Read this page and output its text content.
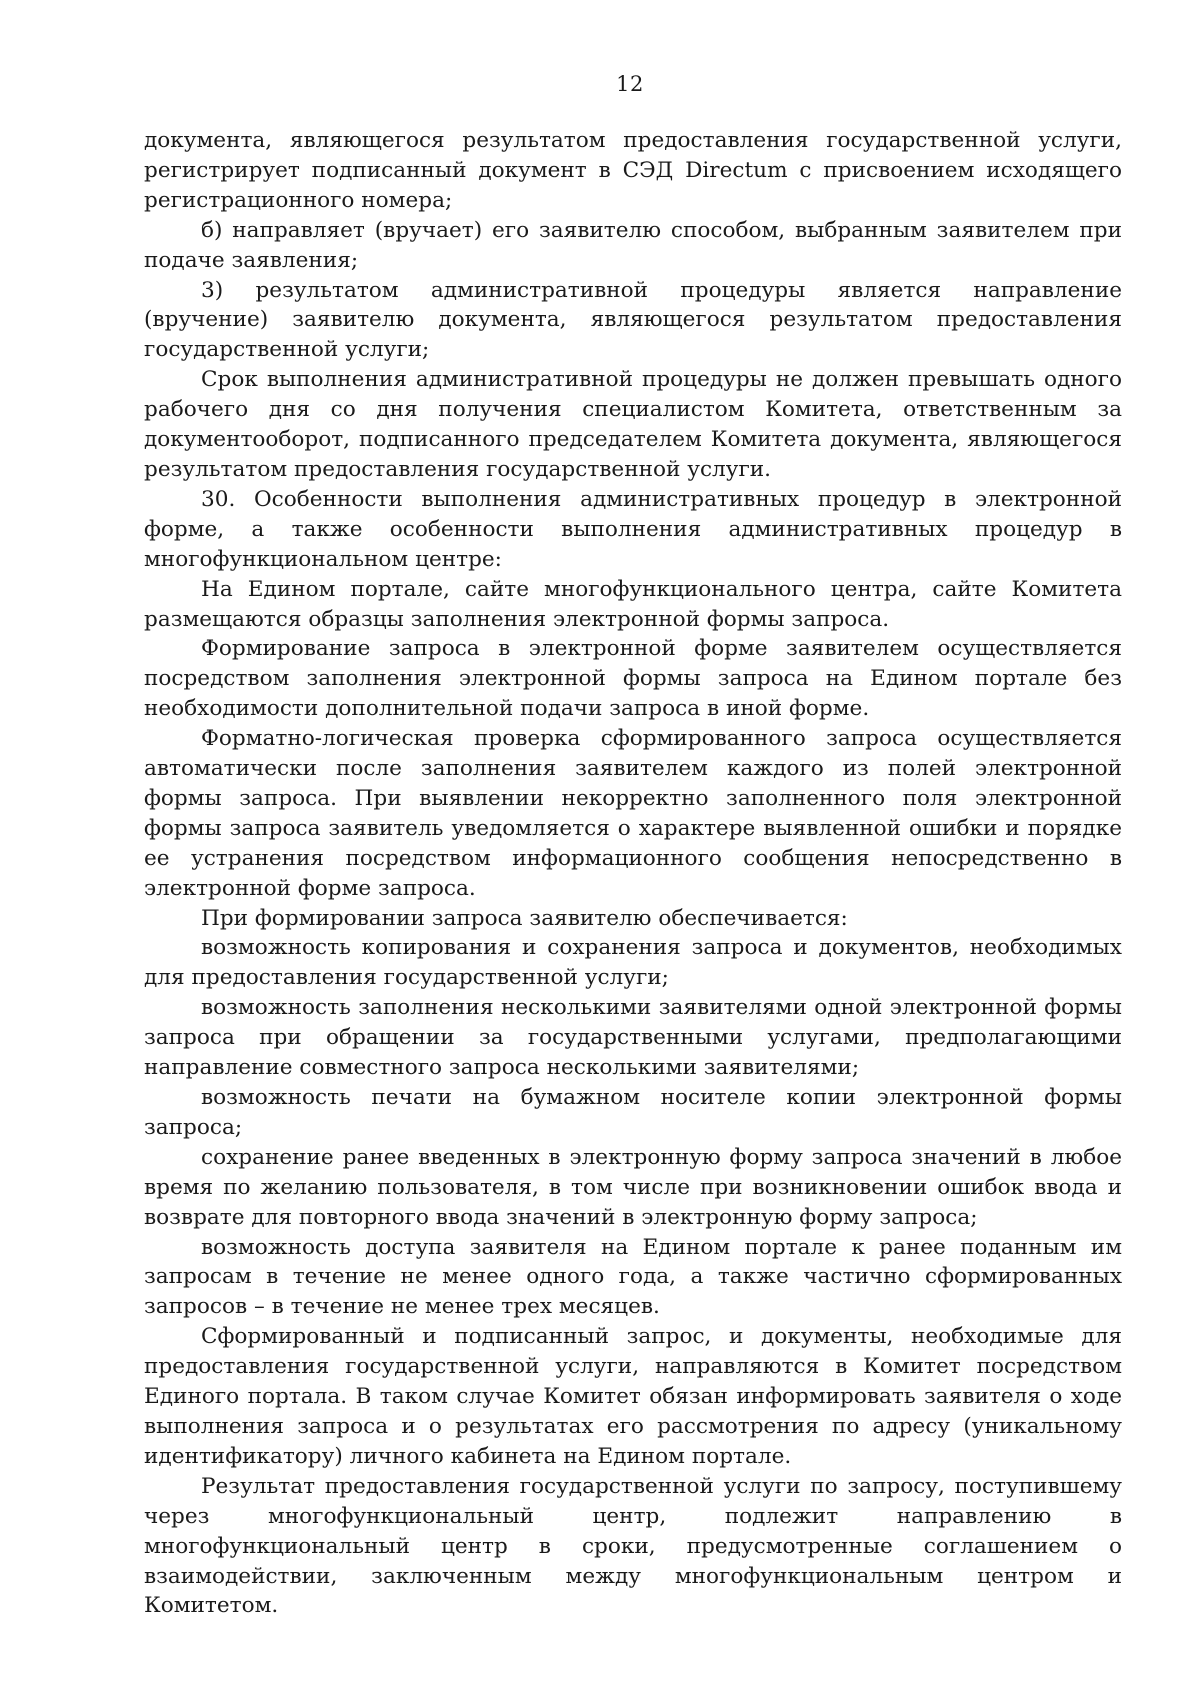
12

документа, являющегося результатом предоставления государственной услуги, регистрирует подписанный документ в СЭД Directum с присвоением исходящего регистрационного номера;

б) направляет (вручает) его заявителю способом, выбранным заявителем при подаче заявления;

3) результатом административной процедуры является направление (вручение) заявителю документа, являющегося результатом предоставления государственной услуги;

Срок выполнения административной процедуры не должен превышать одного рабочего дня со дня получения специалистом Комитета, ответственным за документооборот, подписанного председателем Комитета документа, являющегося результатом предоставления государственной услуги.

30. Особенности выполнения административных процедур в электронной форме, а также особенности выполнения административных процедур в многофункциональном центре:

На Едином портале, сайте многофункционального центра, сайте Комитета размещаются образцы заполнения электронной формы запроса.

Формирование запроса в электронной форме заявителем осуществляется посредством заполнения электронной формы запроса на Едином портале без необходимости дополнительной подачи запроса в иной форме.

Форматно-логическая проверка сформированного запроса осуществляется автоматически после заполнения заявителем каждого из полей электронной формы запроса. При выявлении некорректно заполненного поля электронной формы запроса заявитель уведомляется о характере выявленной ошибки и порядке ее устранения посредством информационного сообщения непосредственно в электронной форме запроса.

При формировании запроса заявителю обеспечивается:

возможность копирования и сохранения запроса и документов, необходимых для предоставления государственной услуги;

возможность заполнения несколькими заявителями одной электронной формы запроса при обращении за государственными услугами, предполагающими направление совместного запроса несколькими заявителями;

возможность печати на бумажном носителе копии электронной формы запроса;

сохранение ранее введенных в электронную форму запроса значений в любое время по желанию пользователя, в том числе при возникновении ошибок ввода и возврате для повторного ввода значений в электронную форму запроса;

возможность доступа заявителя на Едином портале к ранее поданным им запросам в течение не менее одного года, а также частично сформированных запросов – в течение не менее трех месяцев.

Сформированный и подписанный запрос, и документы, необходимые для предоставления государственной услуги, направляются в Комитет посредством Единого портала. В таком случае Комитет обязан информировать заявителя о ходе выполнения запроса и о результатах его рассмотрения по адресу (уникальному идентификатору) личного кабинета на Едином портале.

Результат предоставления государственной услуги по запросу, поступившему через многофункциональный центр, подлежит направлению в многофункциональный центр в сроки, предусмотренные соглашением о взаимодействии, заключенным между многофункциональным центром и Комитетом.
